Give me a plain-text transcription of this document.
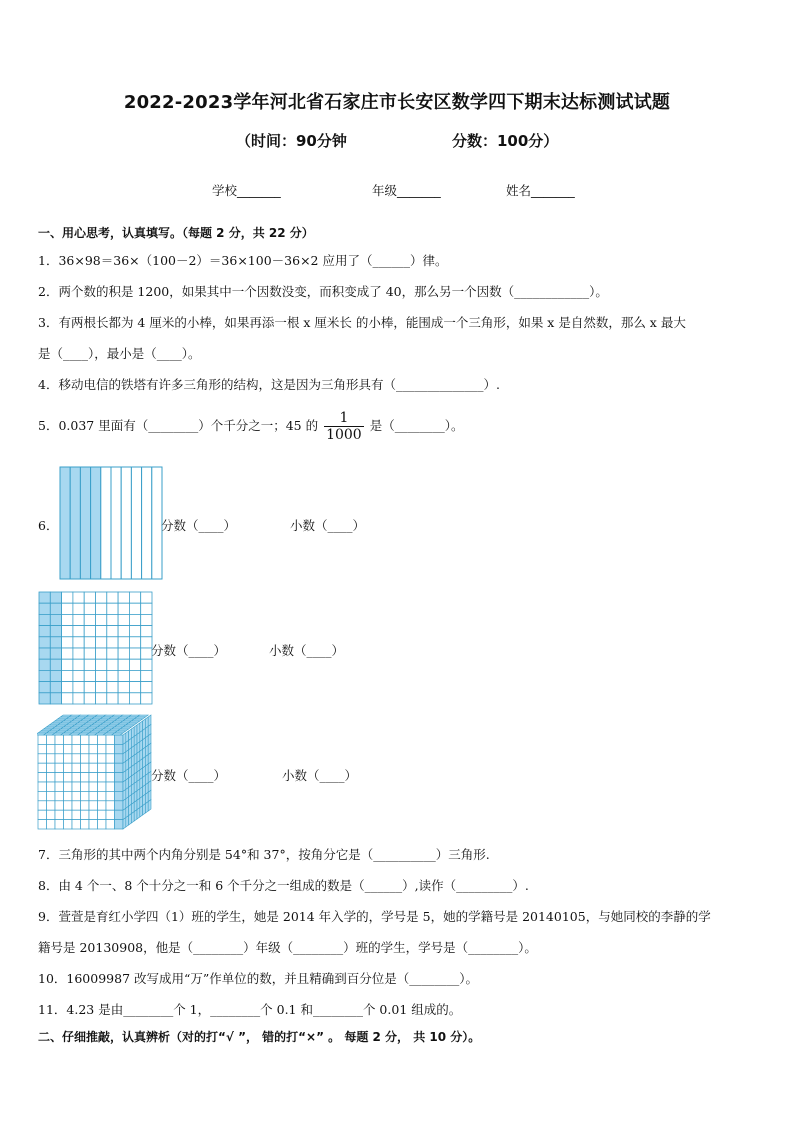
2022-2023学年河北省石家庄市长安区数学四下期末达标测试试题
（时间：90分钟	分数：100分）
学校_______	年级_______	姓名_______
一、用心思考，认真填写。（每题 2 分，共 22 分）
1．36×98＝36×（100－2）＝36×100－36×2 应用了（______）律。
2．两个数的积是 1200，如果其中一个因数没变，而积变成了 40，那么另一个因数（____________）。
3．有两根长都为 4 厘米的小棒，如果再添一根 x 厘米长 的小棒，能围成一个三角形，如果 x 是自然数，那么 x 最大
是（____），最小是（____）。
4．移动电信的铁塔有许多三角形的结构，这是因为三角形具有（______________）.
5．0.037 里面有（________）个千分之一；45 的 $\frac{1}{1000}$ 是（________）。
6．	分数（____）	小数（____）
分数（____）	小数（____）
分数（____）	小数（____）
7．三角形的其中两个内角分别是 54°和 37°，按角分它是（__________）三角形.
8．由 4 个一、8 个十分之一和 6 个千分之一组成的数是（______）,读作（_________）.
9．萱萱是育红小学四（1）班的学生，她是 2014 年入学的，学号是 5，她的学籍号是 20140105，与她同校的李静的学
籍号是 20130908，他是（________）年级（________）班的学生，学号是（________）。
10．16009987 改写成用“万”作单位的数，并且精确到百分位是（________）。
11．4.23 是由________个 1，________个 0.1 和________个 0.01 组成的。
二、仔细推敲，认真辨析（对的打“√ ”， 错的打“×” 。 每题 2 分， 共 10 分）。
